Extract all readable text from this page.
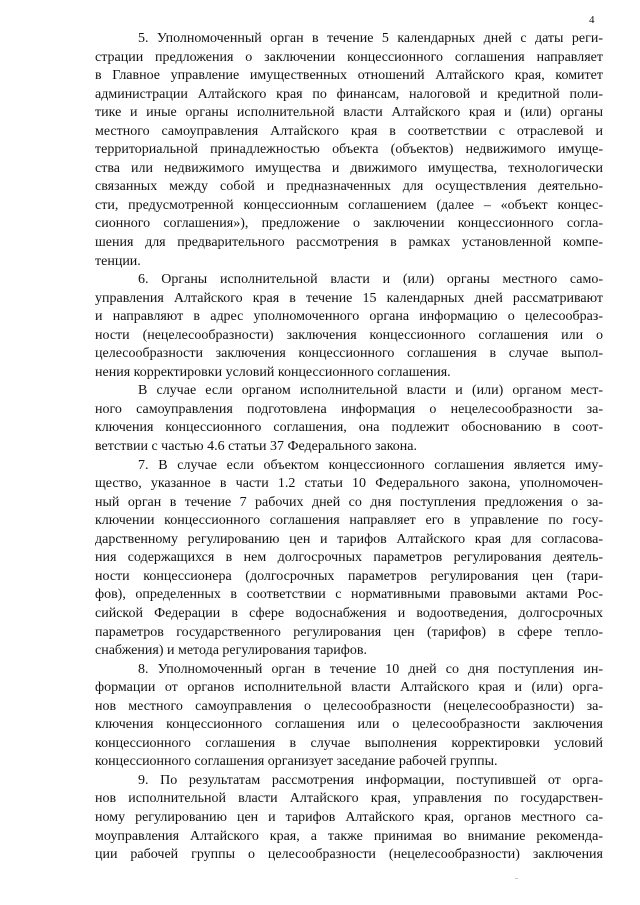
4
5. Уполномоченный орган в течение 5 календарных дней с даты реги-
страции предложения о заключении концессионного соглашения направляет
в Главное управление имущественных отношений Алтайского края, комитет
администрации Алтайского края по финансам, налоговой и кредитной поли-
тике и иные органы исполнительной власти Алтайского края и (или) органы
местного самоуправления Алтайского края в соответствии с отраслевой и
территориальной принадлежностью объекта (объектов) недвижимого имуще-
ства или недвижимого имущества и движимого имущества, технологически
связанных между собой и предназначенных для осуществления деятельно-
сти, предусмотренной концессионным соглашением (далее – «объект концес-
сионного соглашения»), предложение о заключении концессионного согла-
шения для предварительного рассмотрения в рамках установленной компе-
тенции.
6. Органы исполнительной власти и (или) органы местного само-
управления Алтайского края в течение 15 календарных дней рассматривают
и направляют в адрес уполномоченного органа информацию о целесообраз-
ности (нецелесообразности) заключения концессионного соглашения или о
целесообразности заключения концессионного соглашения в случае выпол-
нения корректировки условий концессионного соглашения.
В случае если органом исполнительной власти и (или) органом мест-
ного самоуправления подготовлена информация о нецелесообразности за-
ключения концессионного соглашения, она подлежит обоснованию в соот-
ветствии с частью 4.6 статьи 37 Федерального закона.
7. В случае если объектом концессионного соглашения является иму-
щество, указанное в части 1.2 статьи 10 Федерального закона, уполномочен-
ный орган в течение 7 рабочих дней со дня поступления предложения о за-
ключении концессионного соглашения направляет его в управление по госу-
дарственному регулированию цен и тарифов Алтайского края для согласова-
ния содержащихся в нем долгосрочных параметров регулирования деятель-
ности концессионера (долгосрочных параметров регулирования цен (тари-
фов), определенных в соответствии с нормативными правовыми актами Рос-
сийской Федерации в сфере водоснабжения и водоотведения, долгосрочных
параметров государственного регулирования цен (тарифов) в сфере тепло-
снабжения) и метода регулирования тарифов.
8. Уполномоченный орган в течение 10 дней со дня поступления ин-
формации от органов исполнительной власти Алтайского края и (или) орга-
нов местного самоуправления о целесообразности (нецелесообразности) за-
ключения концессионного соглашения или о целесообразности заключения
концессионного соглашения в случае выполнения корректировки условий
концессионного соглашения организует заседание рабочей группы.
9. По результатам рассмотрения информации, поступившей от орга-
нов исполнительной власти Алтайского края, управления по государствен-
ному регулированию цен и тарифов Алтайского края, органов местного са-
моуправления Алтайского края, а также принимая во внимание рекоменда-
ции рабочей группы о целесообразности (нецелесообразности) заключения
